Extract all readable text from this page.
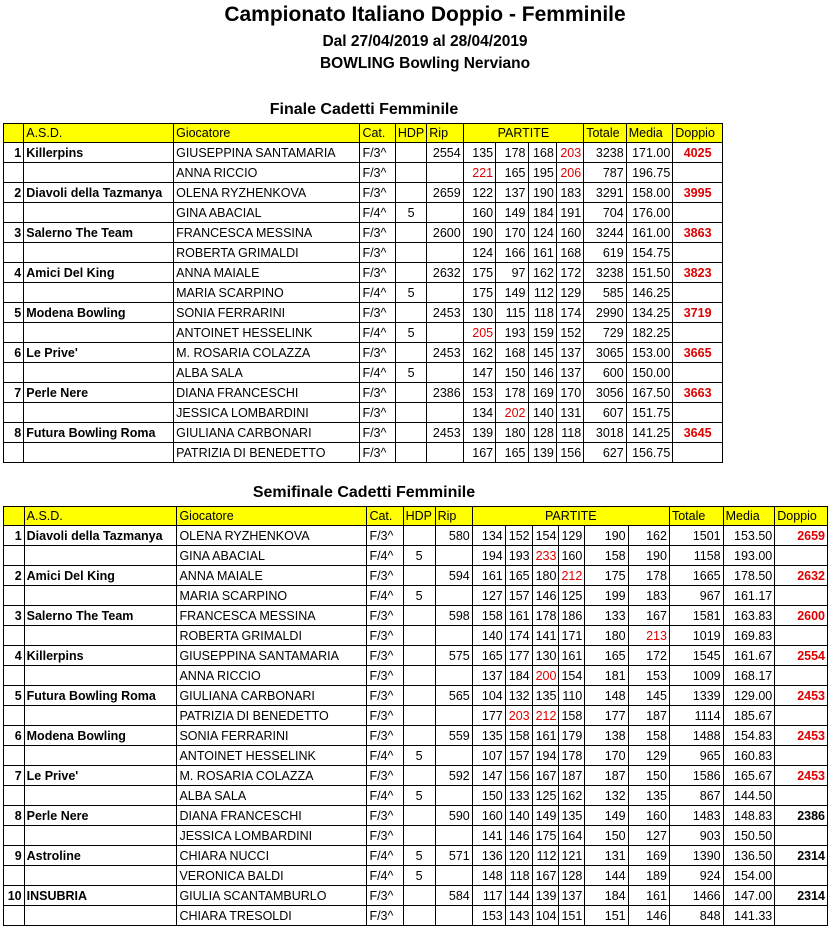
Campionato Italiano Doppio - Femminile
Dal 27/04/2019 al 28/04/2019
BOWLING Bowling Nerviano
Finale Cadetti Femminile
	A.S.D.	Giocatore	Cat.	HDP	Rip	PARTITE				Totale	Media	Doppio
1	Killerpins	GIUSEPPINA SANTAMARIA	F/3^		2554	135	178	168	203	3238	171.00	4025
		ANNA RICCIO	F/3^			221	165	195	206	787	196.75	
2	Diavoli della Tazmanya	OLENA RYZHENKOVA	F/3^		2659	122	137	190	183	3291	158.00	3995
		GINA ABACIAL	F/4^	5		160	149	184	191	704	176.00	
3	Salerno The Team	FRANCESCA MESSINA	F/3^		2600	190	170	124	160	3244	161.00	3863
		ROBERTA GRIMALDI	F/3^			124	166	161	168	619	154.75	
4	Amici Del King	ANNA MAIALE	F/3^		2632	175	97	162	172	3238	151.50	3823
		MARIA SCARPINO	F/4^	5		175	149	112	129	585	146.25	
5	Modena Bowling	SONIA FERRARINI	F/3^		2453	130	115	118	174	2990	134.25	3719
		ANTOINET HESSELINK	F/4^	5		205	193	159	152	729	182.25	
6	Le Prive'	M. ROSARIA COLAZZA	F/3^		2453	162	168	145	137	3065	153.00	3665
		ALBA SALA	F/4^	5		147	150	146	137	600	150.00	
7	Perle Nere	DIANA FRANCESCHI	F/3^		2386	153	178	169	170	3056	167.50	3663
		JESSICA LOMBARDINI	F/3^			134	202	140	131	607	151.75	
8	Futura Bowling Roma	GIULIANA CARBONARI	F/3^		2453	139	180	128	118	3018	141.25	3645
		PATRIZIA DI BENEDETTO	F/3^			167	165	139	156	627	156.75	
Semifinale Cadetti Femminile
	A.S.D.	Giocatore	Cat.	HDP	Rip	PARTITE						Totale	Media	Doppio
1	Diavoli della Tazmanya	OLENA RYZHENKOVA	F/3^		580	134	152	154	129	190	162	1501	153.50	2659
		GINA ABACIAL	F/4^	5		194	193	233	160	158	190	1158	193.00	
2	Amici Del King	ANNA MAIALE	F/3^		594	161	165	180	212	175	178	1665	178.50	2632
		MARIA SCARPINO	F/4^	5		127	157	146	125	199	183	967	161.17	
3	Salerno The Team	FRANCESCA MESSINA	F/3^		598	158	161	178	186	133	167	1581	163.83	2600
		ROBERTA GRIMALDI	F/3^			140	174	141	171	180	213	1019	169.83	
4	Killerpins	GIUSEPPINA SANTAMARIA	F/3^		575	165	177	130	161	165	172	1545	161.67	2554
		ANNA RICCIO	F/3^			137	184	200	154	181	153	1009	168.17	
5	Futura Bowling Roma	GIULIANA CARBONARI	F/3^		565	104	132	135	110	148	145	1339	129.00	2453
		PATRIZIA DI BENEDETTO	F/3^			177	203	212	158	177	187	1114	185.67	
6	Modena Bowling	SONIA FERRARINI	F/3^		559	135	158	161	179	138	158	1488	154.83	2453
		ANTOINET HESSELINK	F/4^	5		107	157	194	178	170	129	965	160.83	
7	Le Prive'	M. ROSARIA COLAZZA	F/3^		592	147	156	167	187	187	150	1586	165.67	2453
		ALBA SALA	F/4^	5		150	133	125	162	132	135	867	144.50	
8	Perle Nere	DIANA FRANCESCHI	F/3^		590	160	140	149	135	149	160	1483	148.83	2386
		JESSICA LOMBARDINI	F/3^			141	146	175	164	150	127	903	150.50	
9	Astroline	CHIARA NUCCI	F/4^	5	571	136	120	112	121	131	169	1390	136.50	2314
		VERONICA BALDI	F/4^	5		148	118	167	128	144	189	924	154.00	
10	INSUBRIA	GIULIA SCANTAMBURLO	F/3^		584	117	144	139	137	184	161	1466	147.00	2314
		CHIARA TRESOLDI	F/3^			153	143	104	151	151	146	848	141.33	
